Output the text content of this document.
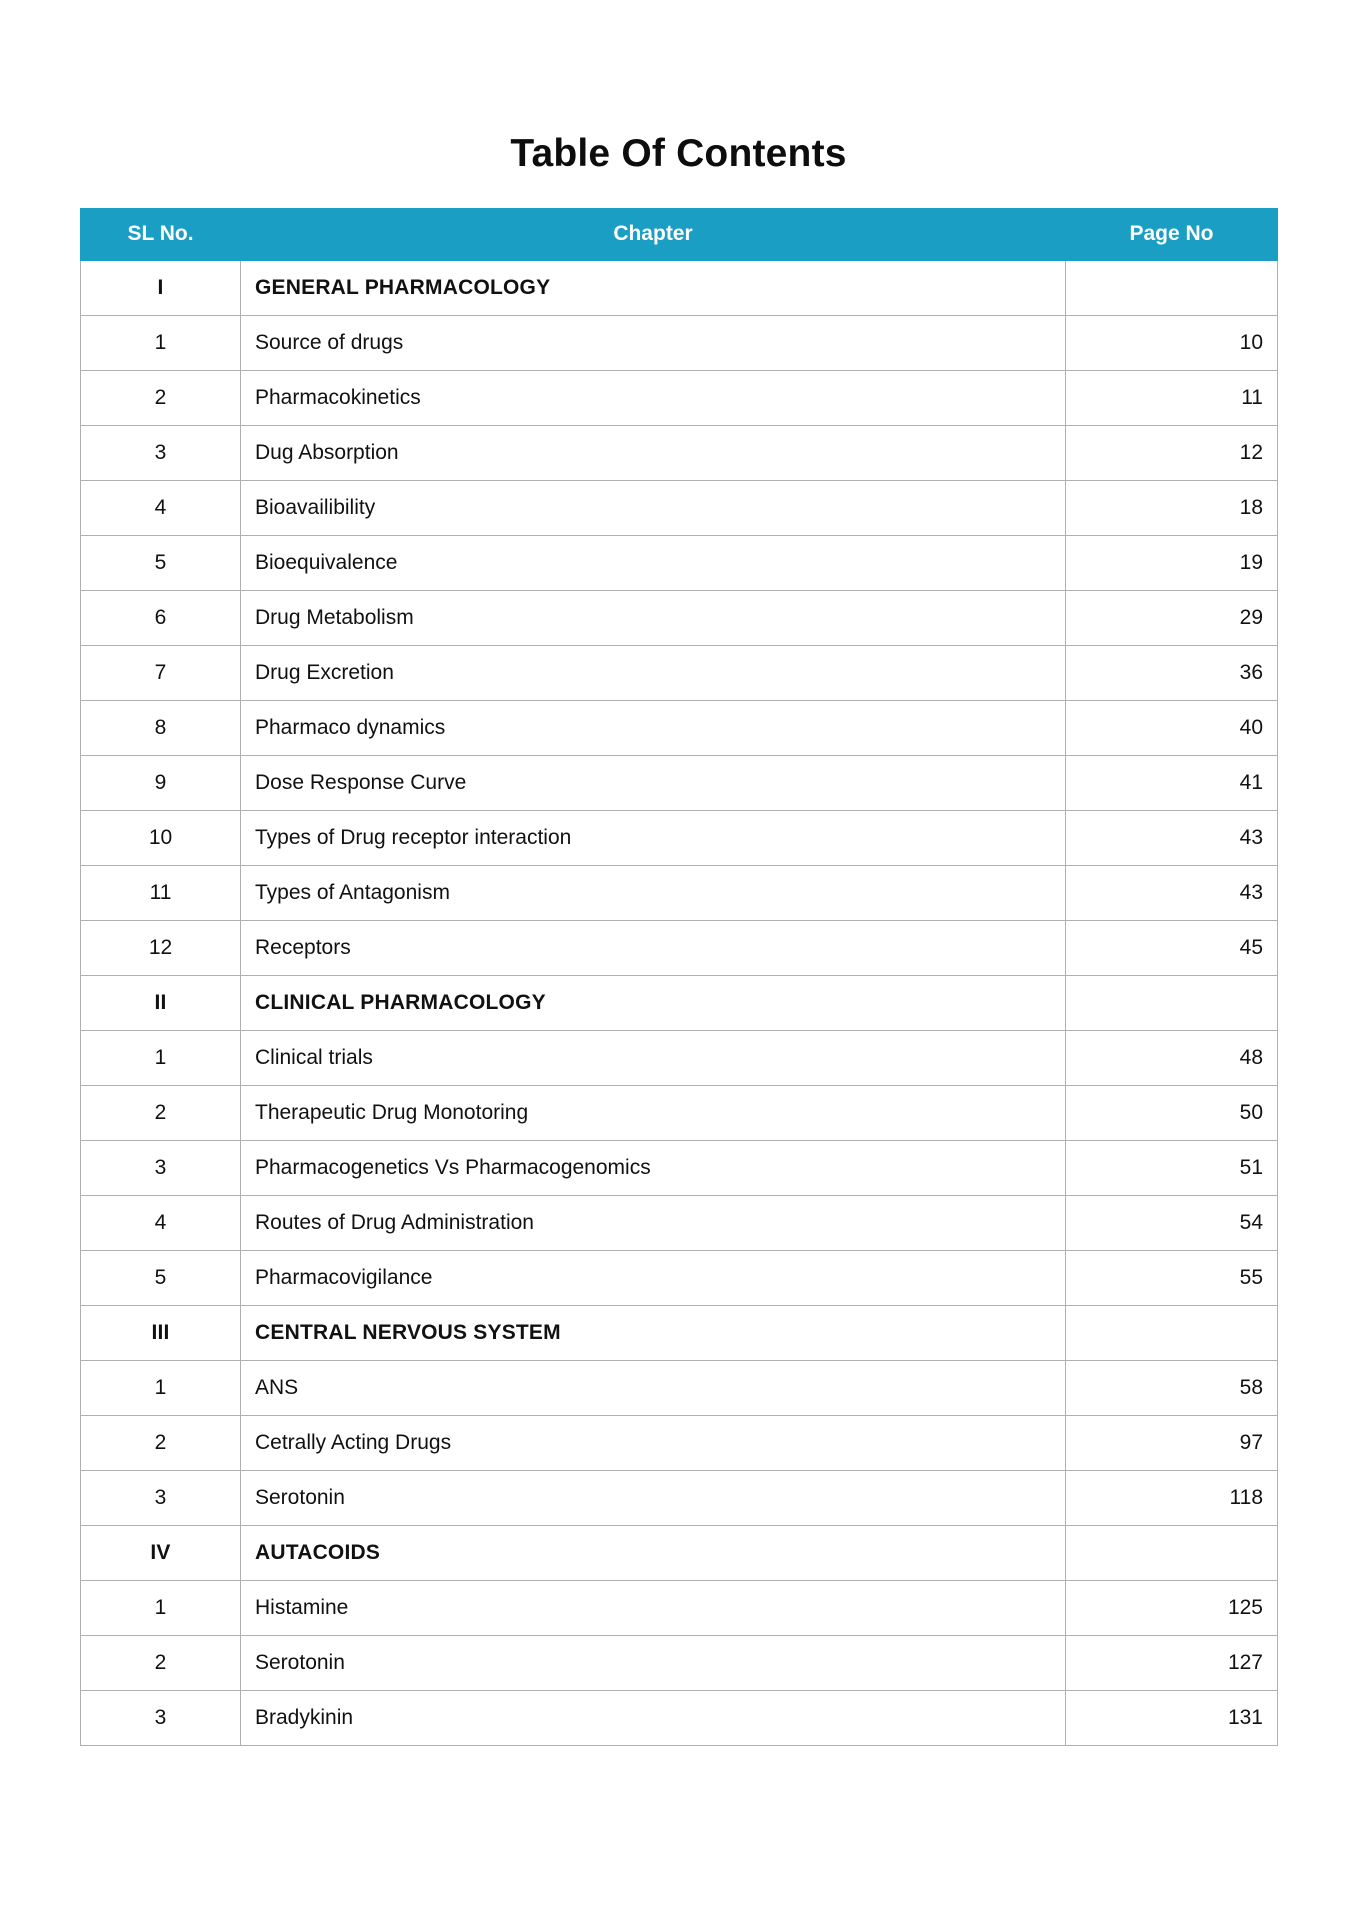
Table Of Contents
SL No.	Chapter	Page No
I	GENERAL PHARMACOLOGY	
1	Source of drugs	10
2	Pharmacokinetics	11
3	Dug Absorption	12
4	Bioavailibility	18
5	Bioequivalence	19
6	Drug Metabolism	29
7	Drug Excretion	36
8	Pharmaco dynamics	40
9	Dose Response Curve	41
10	Types of Drug receptor interaction	43
11	Types of Antagonism	43
12	Receptors	45
II	CLINICAL PHARMACOLOGY	
1	Clinical trials	48
2	Therapeutic Drug Monotoring	50
3	Pharmacogenetics Vs Pharmacogenomics	51
4	Routes of Drug Administration	54
5	Pharmacovigilance	55
III	CENTRAL NERVOUS SYSTEM	
1	ANS	58
2	Cetrally Acting Drugs	97
3	Serotonin	118
IV	AUTACOIDS	
1	Histamine	125
2	Serotonin	127
3	Bradykinin	131
